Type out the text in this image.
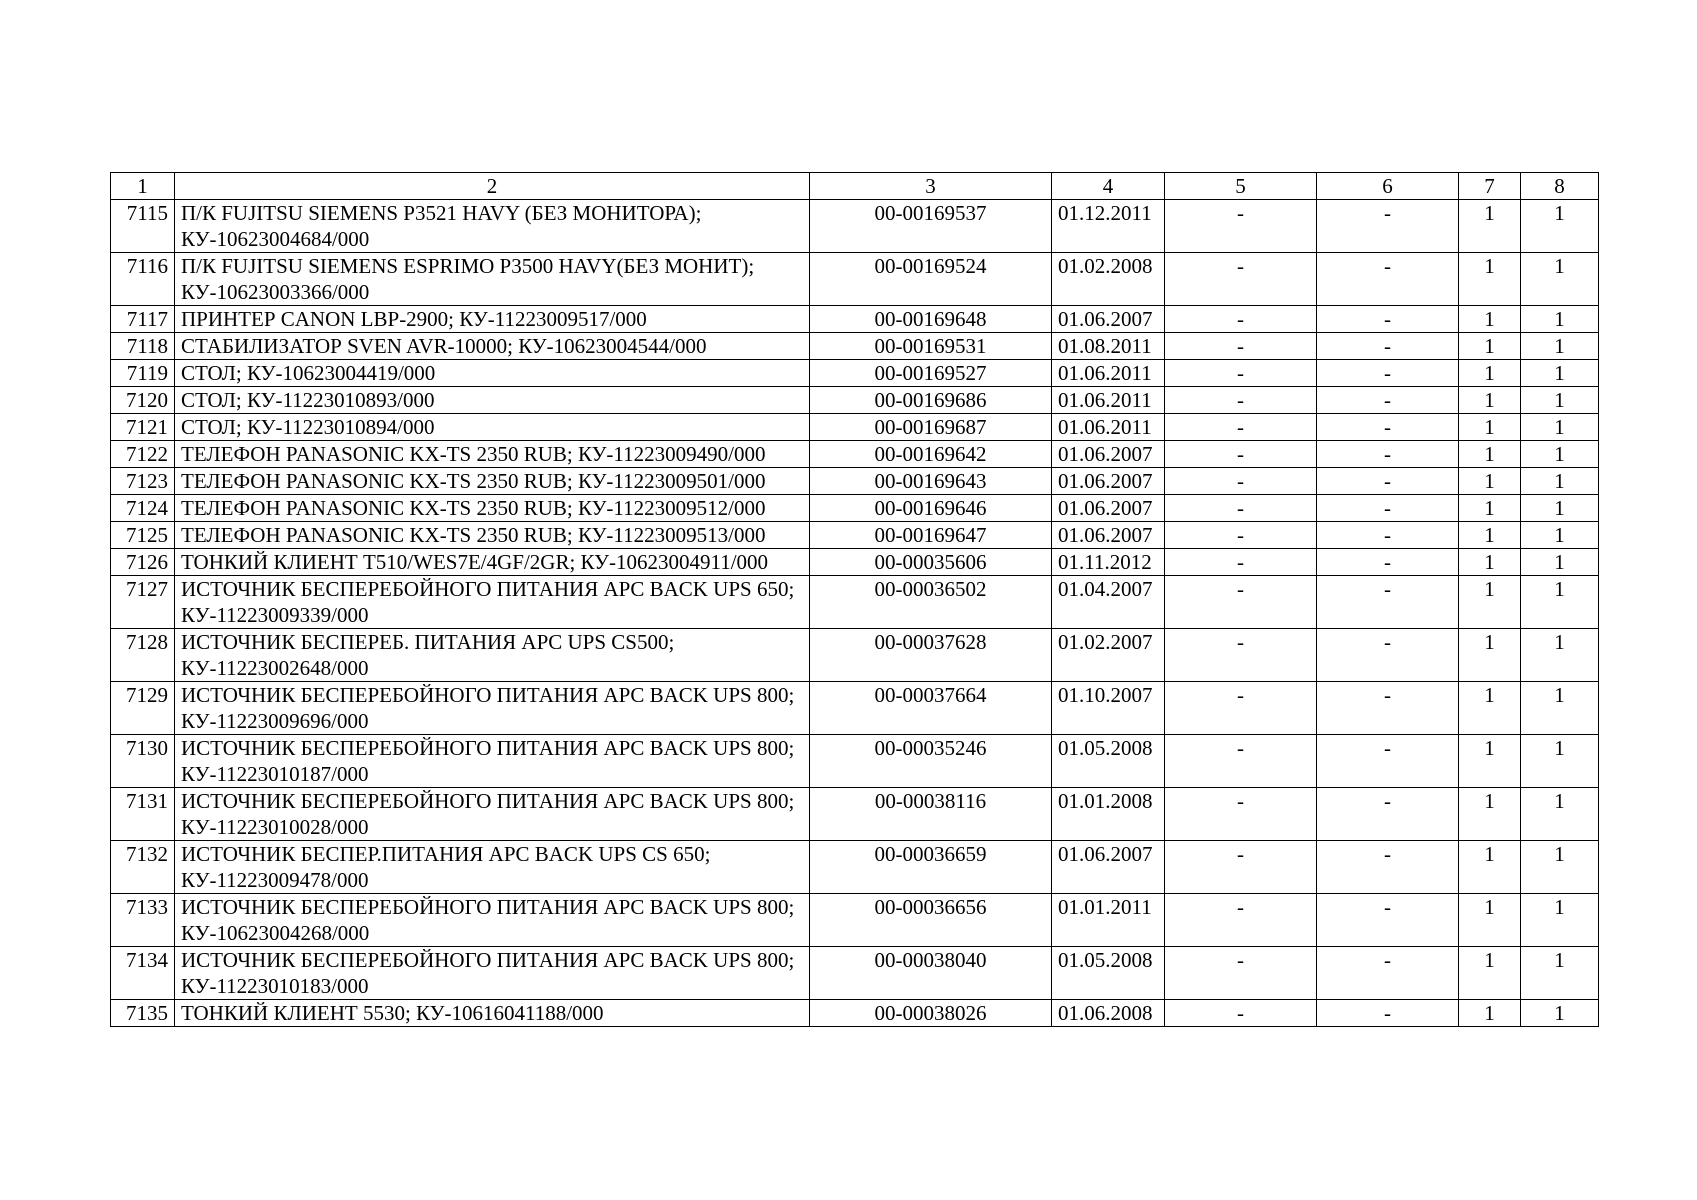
1	2	3	4	5	6	7	8
7115	П/К FUJITSU SIEMENS P3521 HAVY (БЕЗ МОНИТОРА); КУ-10623004684/000	00-00169537	01.12.2011	-	-	1	1
7116	П/К FUJITSU SIEMENS ESPRIMO P3500 HAVY(БЕЗ МОНИТ); КУ-10623003366/000	00-00169524	01.02.2008	-	-	1	1
7117	ПРИНТЕР CANON LBP-2900; КУ-11223009517/000	00-00169648	01.06.2007	-	-	1	1
7118	СТАБИЛИЗАТОР SVEN AVR-10000; КУ-10623004544/000	00-00169531	01.08.2011	-	-	1	1
7119	СТОЛ; КУ-10623004419/000	00-00169527	01.06.2011	-	-	1	1
7120	СТОЛ; КУ-11223010893/000	00-00169686	01.06.2011	-	-	1	1
7121	СТОЛ; КУ-11223010894/000	00-00169687	01.06.2011	-	-	1	1
7122	ТЕЛЕФОН PANASONIC KX-TS 2350 RUB; КУ-11223009490/000	00-00169642	01.06.2007	-	-	1	1
7123	ТЕЛЕФОН PANASONIC KX-TS 2350 RUB; КУ-11223009501/000	00-00169643	01.06.2007	-	-	1	1
7124	ТЕЛЕФОН PANASONIC KX-TS 2350 RUB; КУ-11223009512/000	00-00169646	01.06.2007	-	-	1	1
7125	ТЕЛЕФОН PANASONIC KX-TS 2350 RUB; КУ-11223009513/000	00-00169647	01.06.2007	-	-	1	1
7126	ТОНКИЙ КЛИЕНТ T510/WES7E/4GF/2GR; КУ-10623004911/000	00-00035606	01.11.2012	-	-	1	1
7127	ИСТОЧНИК БЕСПЕРЕБОЙНОГО ПИТАНИЯ APC BACK UPS 650; КУ-11223009339/000	00-00036502	01.04.2007	-	-	1	1
7128	ИСТОЧНИК БЕСПЕРЕБ. ПИТАНИЯ APC UPS CS500; КУ-11223002648/000	00-00037628	01.02.2007	-	-	1	1
7129	ИСТОЧНИК БЕСПЕРЕБОЙНОГО ПИТАНИЯ APC BACK UPS 800; КУ-11223009696/000	00-00037664	01.10.2007	-	-	1	1
7130	ИСТОЧНИК БЕСПЕРЕБОЙНОГО ПИТАНИЯ APC BACK UPS 800; КУ-11223010187/000	00-00035246	01.05.2008	-	-	1	1
7131	ИСТОЧНИК БЕСПЕРЕБОЙНОГО ПИТАНИЯ APC BACK UPS 800; КУ-11223010028/000	00-00038116	01.01.2008	-	-	1	1
7132	ИСТОЧНИК БЕСПЕР.ПИТАНИЯ APC BACK UPS CS 650; КУ-11223009478/000	00-00036659	01.06.2007	-	-	1	1
7133	ИСТОЧНИК БЕСПЕРЕБОЙНОГО ПИТАНИЯ APC BACK UPS 800; КУ-10623004268/000	00-00036656	01.01.2011	-	-	1	1
7134	ИСТОЧНИК БЕСПЕРЕБОЙНОГО ПИТАНИЯ APC BACK UPS 800; КУ-11223010183/000	00-00038040	01.05.2008	-	-	1	1
7135	ТОНКИЙ КЛИЕНТ 5530; КУ-10616041188/000	00-00038026	01.06.2008	-	-	1	1
